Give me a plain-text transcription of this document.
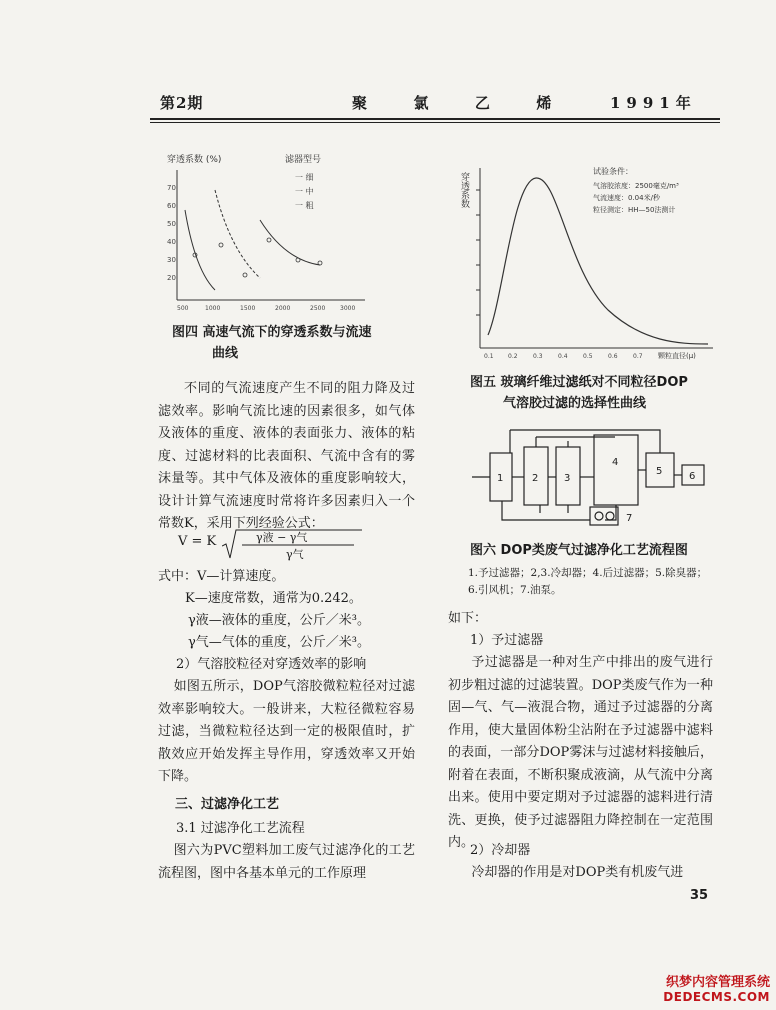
第2期	聚  氯  乙  烯	1991年
穿透系数 (%)
70
60
50
40
30
20
滤器型号
一 细
一 中
一 粗
500	1000	1500	2000	2500 3000
图四 高速气流下的穿透系数与流速
曲线
穿透系数
试验条件：
气溶胶浓度：2500毫克/m³
气流速度：0.04米/秒
粒径测定：HH—50法测计
0.1 0.2	0.3	0.4	0.5	0.6	0.7 颗粒直径(μ)
图五 玻璃纤维过滤纸对不同粒径DOP
气溶胶过滤的选择性曲线
1	2	3
4
5	6
7
图六 DOP类废气过滤净化工艺流程图
1.予过滤器；2,3.冷却器；4.后过滤器；5.除臭器；
6.引风机；7.油泵。
不同的气流速度产生不同的阻力降及过滤效率。影响气流比速的因素很多，如气体及液体的重度、液体的表面张力、液体的粘度、过滤材料的比表面积、气流中含有的雾沫量等。其中气体及液体的重度影响较大，设计计算气流速度时常将许多因素归入一个常数K，采用下列经验公式：
V = K	γ液 − γ气
γ气
式中：V—计算速度。
K—速度常数，通常为0.242。
γ液—液体的重度，公斤／米³。
γ气—气体的重度，公斤／米³。
2）气溶胶粒径对穿透效率的影响
如图五所示，DOP气溶胶微粒粒径对过滤效率影响较大。一般讲来，大粒径微粒容易过滤，当微粒粒径达到一定的极限值时，扩散效应开始发挥主导作用，穿透效率又开始下降。
三、过滤净化工艺
3.1 过滤净化工艺流程
图六为PVC塑料加工废气过滤净化的工艺流程图，图中各基本单元的工作原理
如下：
1）予过滤器
予过滤器是一种对生产中排出的废气进行初步粗过滤的过滤装置。DOP类废气作为一种固—气、气—液混合物，通过予过滤器的分离作用，使大量固体粉尘沾附在予过滤器中滤料的表面，一部分DOP雾沫与过滤材料接触后，附着在表面，不断积聚成液滴，从气流中分离出来。使用中要定期对予过滤器的滤料进行清洗、更换，使予过滤器阻力降控制在一定范围内。
2）冷却器
冷却器的作用是对DOP类有机废气进
35
织梦内容管理系统
DEDECMS.COM
